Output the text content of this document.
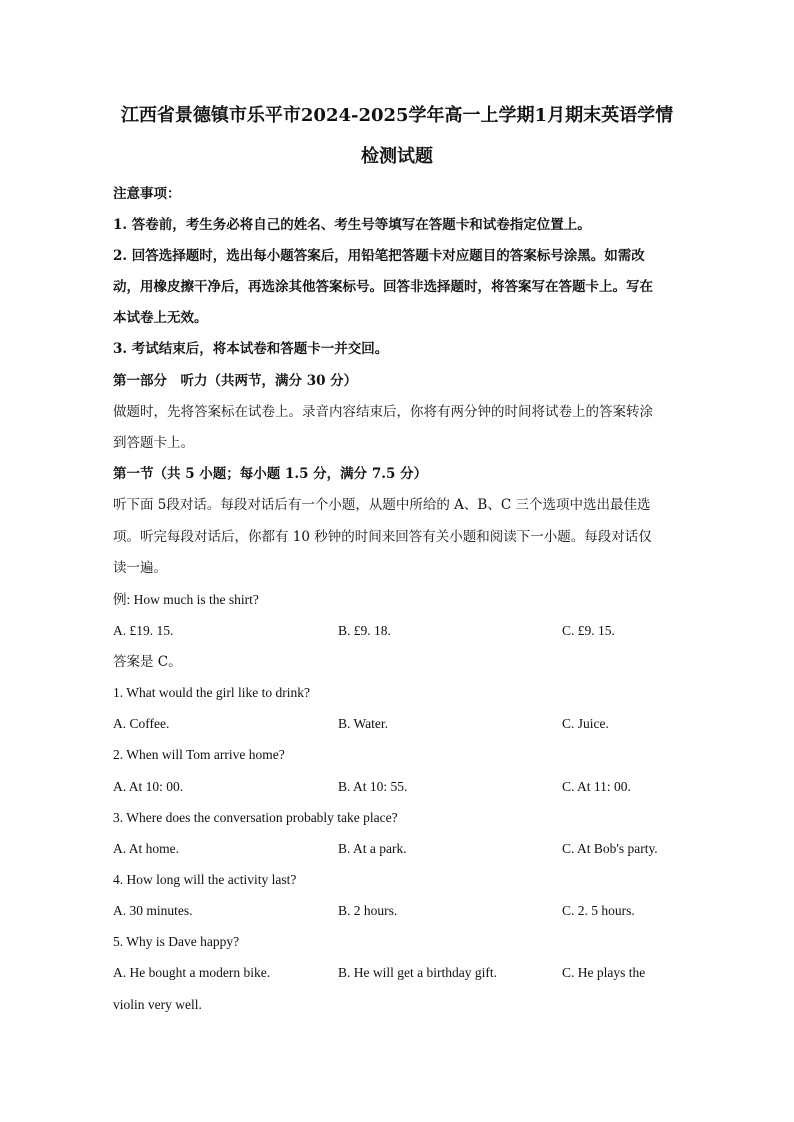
江西省景德镇市乐平市2024-2025学年高一上学期1月期末英语学情
检测试题
注意事项：
1. 答卷前，考生务必将自己的姓名、考生号等填写在答题卡和试卷指定位置上。
2. 回答选择题时，选出每小题答案后，用铅笔把答题卡对应题目的答案标号涂黑。如需改
动，用橡皮擦干净后，再选涂其他答案标号。回答非选择题时，将答案写在答题卡上。写在
本试卷上无效。
3. 考试结束后，将本试卷和答题卡一并交回。
第一部分　听力（共两节，满分 30 分）
做题时，先将答案标在试卷上。录音内容结束后，你将有两分钟的时间将试卷上的答案转涂
到答题卡上。
第一节（共 5 小题；每小题 1.5 分，满分 7.5 分）
听下面 5段对话。每段对话后有一个小题，从题中所给的 A、B、C 三个选项中选出最佳选
项。听完每段对话后，你都有 10 秒钟的时间来回答有关小题和阅读下一小题。每段对话仅
读一遍。
例: How much is the shirt?
A. £19. 15.	B. £9. 18.	C. £9. 15.
答案是 C。
1. What would the girl like to drink?
A. Coffee.	B. Water.	C. Juice.
2. When will Tom arrive home?
A. At 10: 00.	B. At 10: 55.	C. At 11: 00.
3. Where does the conversation probably take place?
A. At home.	B. At a park.	C. At Bob's party.
4. How long will the activity last?
A. 30 minutes.	B. 2 hours.	C. 2. 5 hours.
5. Why is Dave happy?
A. He bought a modern bike.	B. He will get a birthday gift.	C. He plays the
violin very well.
